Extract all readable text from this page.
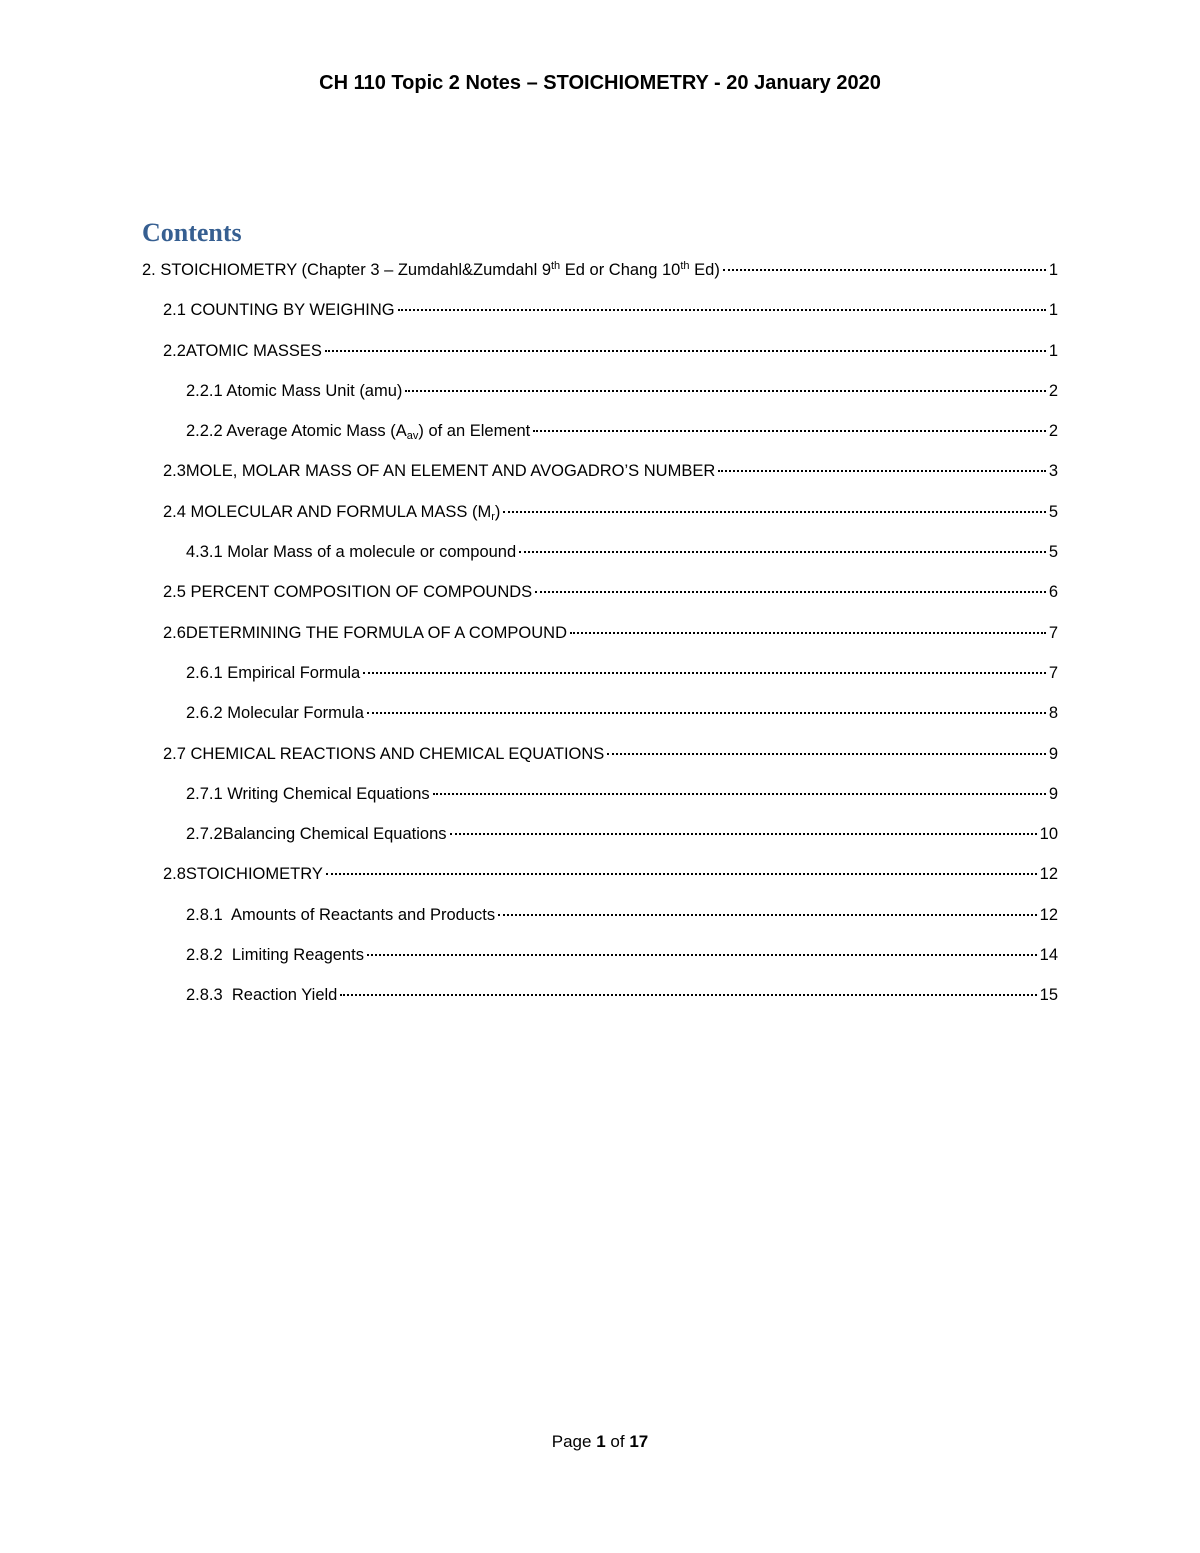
CH 110 Topic 2 Notes – STOICHIOMETRY - 20 January 2020
Contents
2. STOICHIOMETRY (Chapter 3 – Zumdahl&Zumdahl 9th Ed or Chang 10th Ed)	1
2.1 COUNTING BY WEIGHING	1
2.2ATOMIC MASSES	1
2.2.1 Atomic Mass Unit (amu)	2
2.2.2 Average Atomic Mass $(A_{av})$ of an Element	2
2.3MOLE, MOLAR MASS OF AN ELEMENT AND AVOGADRO’S NUMBER	3
2.4 MOLECULAR AND FORMULA MASS $(M_r)$	5
4.3.1 Molar Mass of a molecule or compound	5
2.5 PERCENT COMPOSITION OF COMPOUNDS	6
2.6DETERMINING THE FORMULA OF A COMPOUND	7
2.6.1 Empirical Formula	7
2.6.2 Molecular Formula	8
2.7 CHEMICAL REACTIONS AND CHEMICAL EQUATIONS	9
2.7.1 Writing Chemical Equations	9
2.7.2Balancing Chemical Equations	10
2.8STOICHIOMETRY	12
2.8.1  Amounts of Reactants and Products	12
2.8.2  Limiting Reagents	14
2.8.3  Reaction Yield	15
Page 1 of 17
